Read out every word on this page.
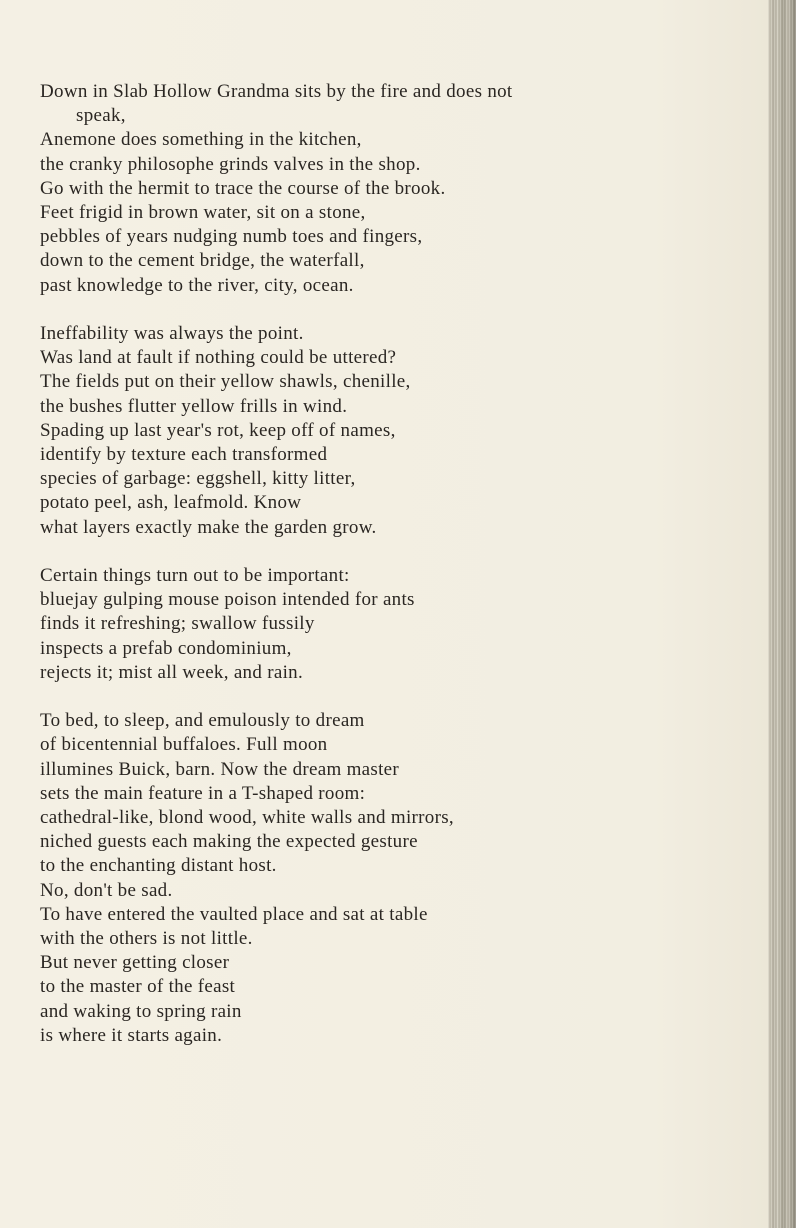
Down in Slab Hollow Grandma sits by the fire and does not
speak,
Anemone does something in the kitchen,
the cranky philosophe grinds valves in the shop.
Go with the hermit to trace the course of the brook.
Feet frigid in brown water, sit on a stone,
pebbles of years nudging numb toes and fingers,
down to the cement bridge, the waterfall,
past knowledge to the river, city, ocean.
Ineffability was always the point.
Was land at fault if nothing could be uttered?
The fields put on their yellow shawls, chenille,
the bushes flutter yellow frills in wind.
Spading up last year's rot, keep off of names,
identify by texture each transformed
species of garbage: eggshell, kitty litter,
potato peel, ash, leafmold. Know
what layers exactly make the garden grow.
Certain things turn out to be important:
bluejay gulping mouse poison intended for ants
finds it refreshing; swallow fussily
inspects a prefab condominium,
rejects it; mist all week, and rain.
To bed, to sleep, and emulously to dream
of bicentennial buffaloes. Full moon
illumines Buick, barn. Now the dream master
sets the main feature in a T-shaped room:
cathedral-like, blond wood, white walls and mirrors,
niched guests each making the expected gesture
to the enchanting distant host.
No, don't be sad.
To have entered the vaulted place and sat at table
with the others is not little.
But never getting closer
to the master of the feast
and waking to spring rain
is where it starts again.
